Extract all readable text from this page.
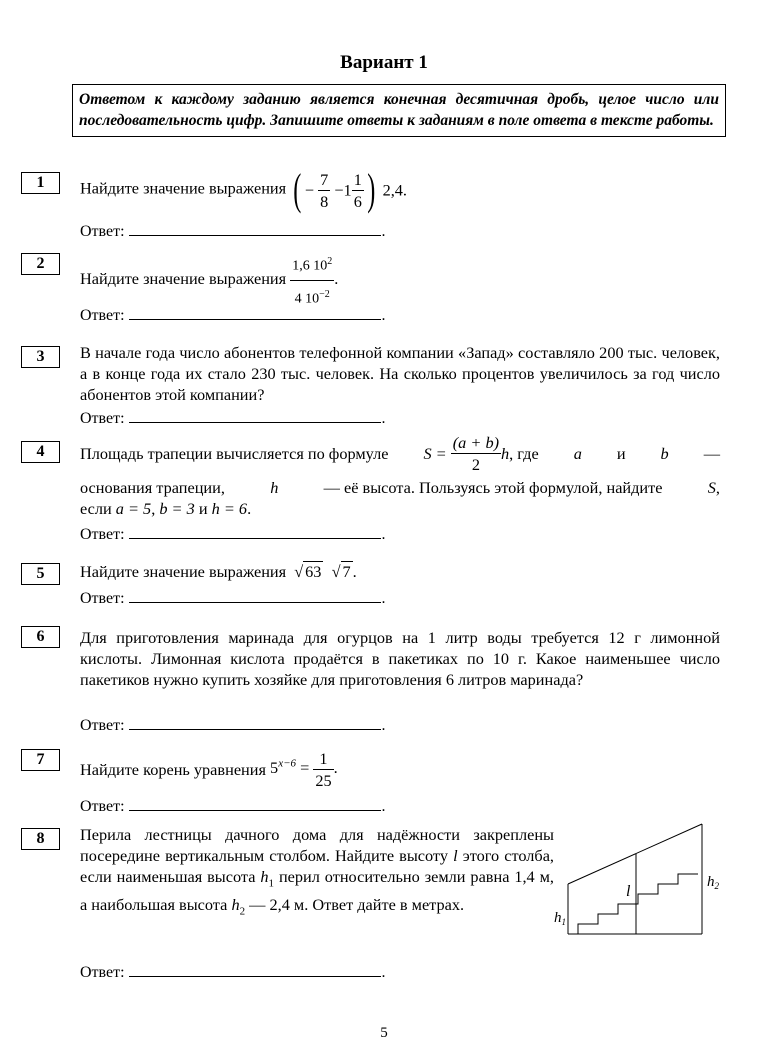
Вариант 1
Ответом к каждому заданию является конечная десятичная дробь, целое число или последовательность цифр. Запишите ответы к заданиям в поле ответа в тексте работы.
1	Найдите значение выражения ( − $\frac{7}{8} -1 \frac{1}{6}$ ) 2,4.
Ответ:	.
2
Найдите значение выражения $\frac{1,6 10^2}{4 10^{-2}}$ .
Ответ:	.
3	В начале года число абонентов телефонной компании «Запад» составляло 200 тыс. человек, а в конце года их стало 230 тыс. человек. На сколько процентов увеличилось за год число абонентов этой компании?
Ответ:	.
4	Площадь трапеции вычисляется по формуле $S = \frac{(a + b)}{2} h$, где a и b —
основания трапеции,	h	— её высота. Пользуясь этой формулой, найдите	S,
если a = 5, b = 3 и h = 6.
Ответ:	.
5	Найдите значение выражения √ 63  √ 7 .
Ответ:	.
6	Для приготовления маринада для огурцов на 1 литр воды требуется 12 г лимонной кислоты. Лимонная кислота продаётся в пакетиках по 10 г. Какое наименьшее число пакетиков нужно купить хозяйке для приготовления 6 литров маринада?
Ответ:	.
7
Найдите корень уравнения $5^{x-6} = \frac{1}{25}$ .
Ответ:	.
8	Перила лестницы дачного дома для надёжности закреплены посередине вертикальным столбом. Найдите высоту l этого столба, если наименьшая высота $h_1$ перил относительно земли равна 1,4 м, а наибольшая высота $h_2$ — 2,4 м. Ответ дайте в метрах.
$h_1$
l
$h_2$
Ответ:	.
5
